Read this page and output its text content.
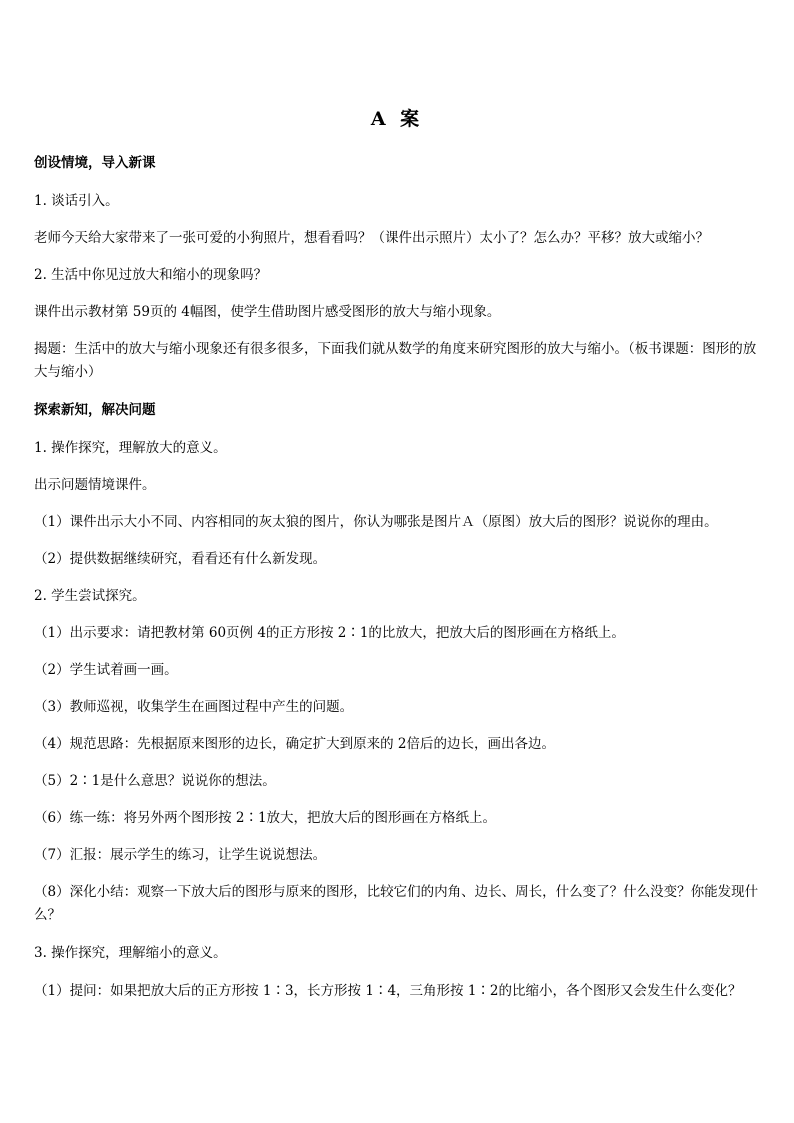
A 案
创设情境，导入新课
1. 谈话引入。
老师今天给大家带来了一张可爱的小狗照片，想看看吗？（课件出示照片）太小了？怎么办？平移？放大或缩小？
2. 生活中你见过放大和缩小的现象吗？
课件出示教材第 59页的 4幅图，使学生借助图片感受图形的放大与缩小现象。
揭题：生活中的放大与缩小现象还有很多很多，下面我们就从数学的角度来研究图形的放大与缩小。（板书课题：图形的放大与缩小）
探索新知，解决问题
1. 操作探究，理解放大的意义。
出示问题情境课件。
（1）课件出示大小不同、内容相同的灰太狼的图片，你认为哪张是图片Ａ（原图）放大后的图形？说说你的理由。
（2）提供数据继续研究，看看还有什么新发现。
2. 学生尝试探究。
（1）出示要求：请把教材第 60页例 4的正方形按 2∶1的比放大，把放大后的图形画在方格纸上。
（2）学生试着画一画。
（3）教师巡视，收集学生在画图过程中产生的问题。
（4）规范思路：先根据原来图形的边长，确定扩大到原来的 2倍后的边长，画出各边。
（5）2∶1是什么意思？说说你的想法。
（6）练一练：将另外两个图形按 2∶1放大，把放大后的图形画在方格纸上。
（7）汇报：展示学生的练习，让学生说说想法。
（8）深化小结：观察一下放大后的图形与原来的图形，比较它们的内角、边长、周长，什么变了？什么没变？你能发现什么？
3. 操作探究，理解缩小的意义。
（1）提问：如果把放大后的正方形按 1∶3，长方形按 1∶4，三角形按 1∶2的比缩小，各个图形又会发生什么变化？
